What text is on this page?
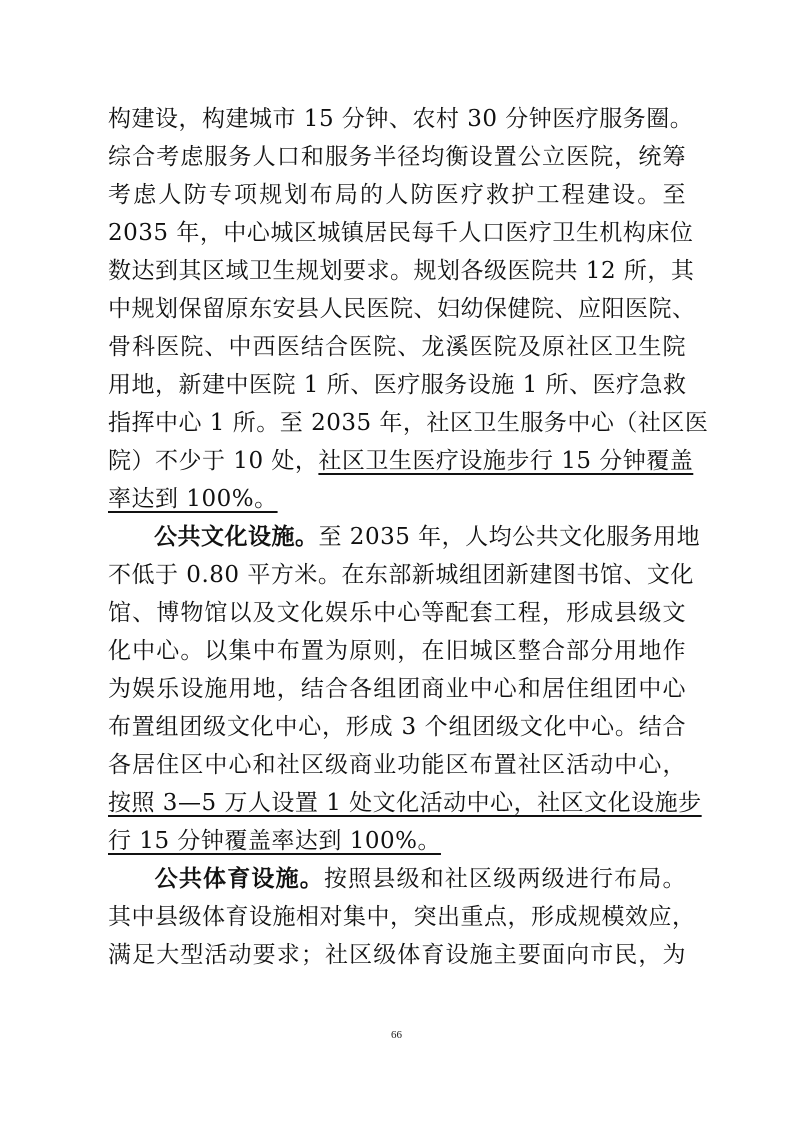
构建设，构建城市 15 分钟、农村 30 分钟医疗服务圈。
综合考虑服务人口和服务半径均衡设置公立医院，统筹
考虑人防专项规划布局的人防医疗救护工程建设。至
2035 年，中心城区城镇居民每千人口医疗卫生机构床位
数达到其区域卫生规划要求。规划各级医院共 12 所，其
中规划保留原东安县人民医院、妇幼保健院、应阳医院、
骨科医院、中西医结合医院、龙溪医院及原社区卫生院
用地，新建中医院 1 所、医疗服务设施 1 所、医疗急救
指挥中心 1 所。至 2035 年，社区卫生服务中心（社区医
院）不少于 10 处，社区卫生医疗设施步行 15 分钟覆盖
率达到 100%。
公共文化设施。至 2035 年，人均公共文化服务用地
不低于 0.80 平方米。在东部新城组团新建图书馆、文化
馆、博物馆以及文化娱乐中心等配套工程，形成县级文
化中心。以集中布置为原则，在旧城区整合部分用地作
为娱乐设施用地，结合各组团商业中心和居住组团中心
布置组团级文化中心，形成 3 个组团级文化中心。结合
各居住区中心和社区级商业功能区布置社区活动中心，
按照 3—5 万人设置 1 处文化活动中心，社区文化设施步
行 15 分钟覆盖率达到 100%。
公共体育设施。按照县级和社区级两级进行布局。
其中县级体育设施相对集中，突出重点，形成规模效应，
满足大型活动要求；社区级体育设施主要面向市民，为
66
